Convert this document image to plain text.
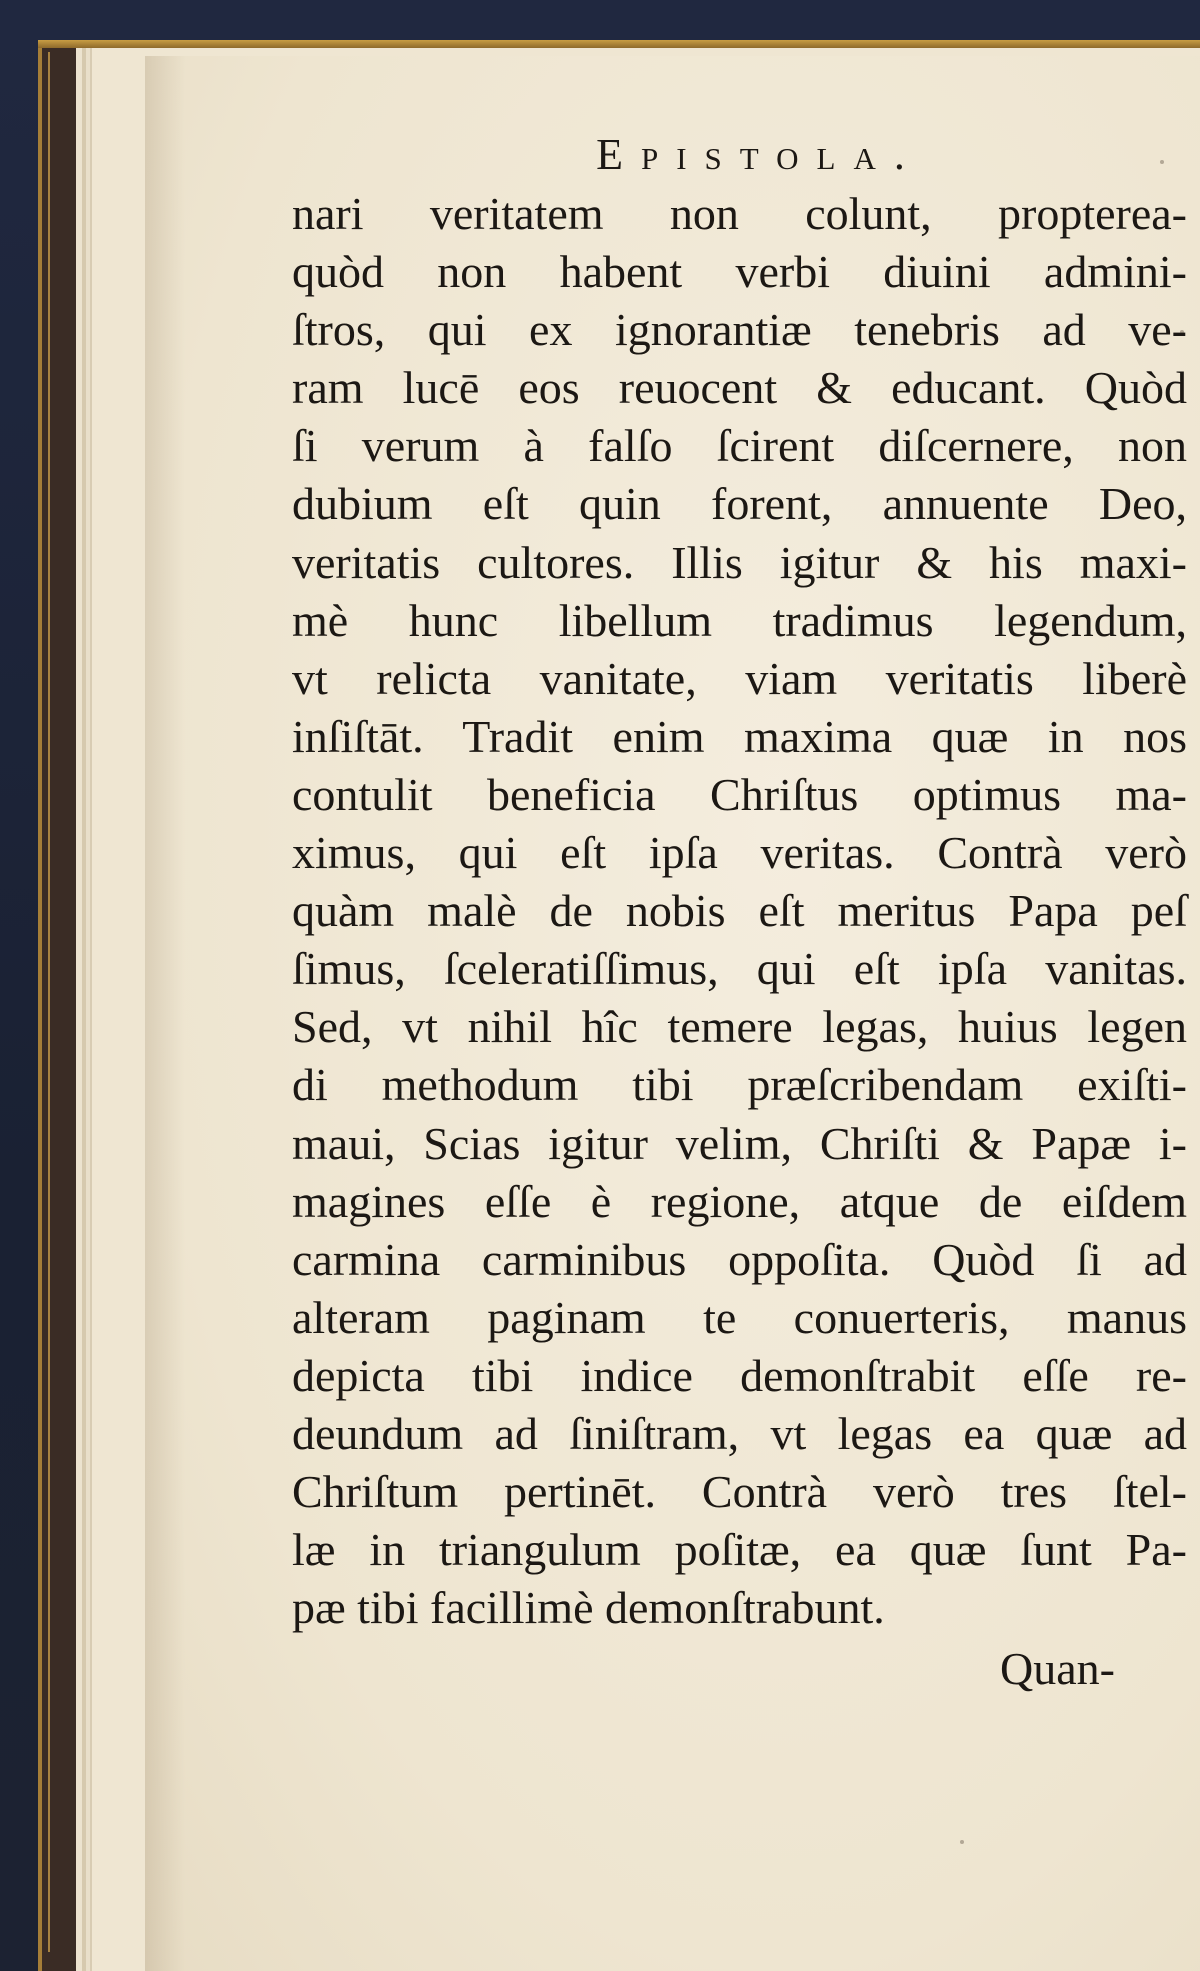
Epistola.
nari veritatem non colunt, propterea-
quòd non habent verbi diuini admini-
ſtros, qui ex ignorantiæ tenebris ad ve-
ram lucē eos reuocent & educant. Quòd
ſi verum à falſo ſcirent diſcernere, non
dubium eſt quin forent, annuente Deo,
veritatis cultores. Illis igitur & his maxi-
mè hunc libellum tradimus legendum,
vt relicta vanitate, viam veritatis liberè
inſiſtāt. Tradit enim maxima quæ in nos
contulit beneficia Chriſtus optimus ma-
ximus, qui eſt ipſa veritas. Contrà verò
quàm malè de nobis eſt meritus Papa peſ
ſimus, ſceleratiſſimus, qui eſt ipſa vanitas.
Sed, vt nihil hîc temere legas, huius legen
di methodum tibi præſcribendam exiſti-
maui, Scias igitur velim, Chriſti & Papæ i-
magines eſſe è regione, atque de eiſdem
carmina carminibus oppoſita. Quòd ſi ad
alteram paginam te conuerteris, manus
depicta tibi indice demonſtrabit eſſe re-
deundum ad ſiniſtram, vt legas ea quæ ad
Chriſtum pertinēt. Contrà verò tres ſtel-
læ in triangulum poſitæ, ea quæ ſunt Pa-
pæ tibi facillimè demonſtrabunt.
Quan-
